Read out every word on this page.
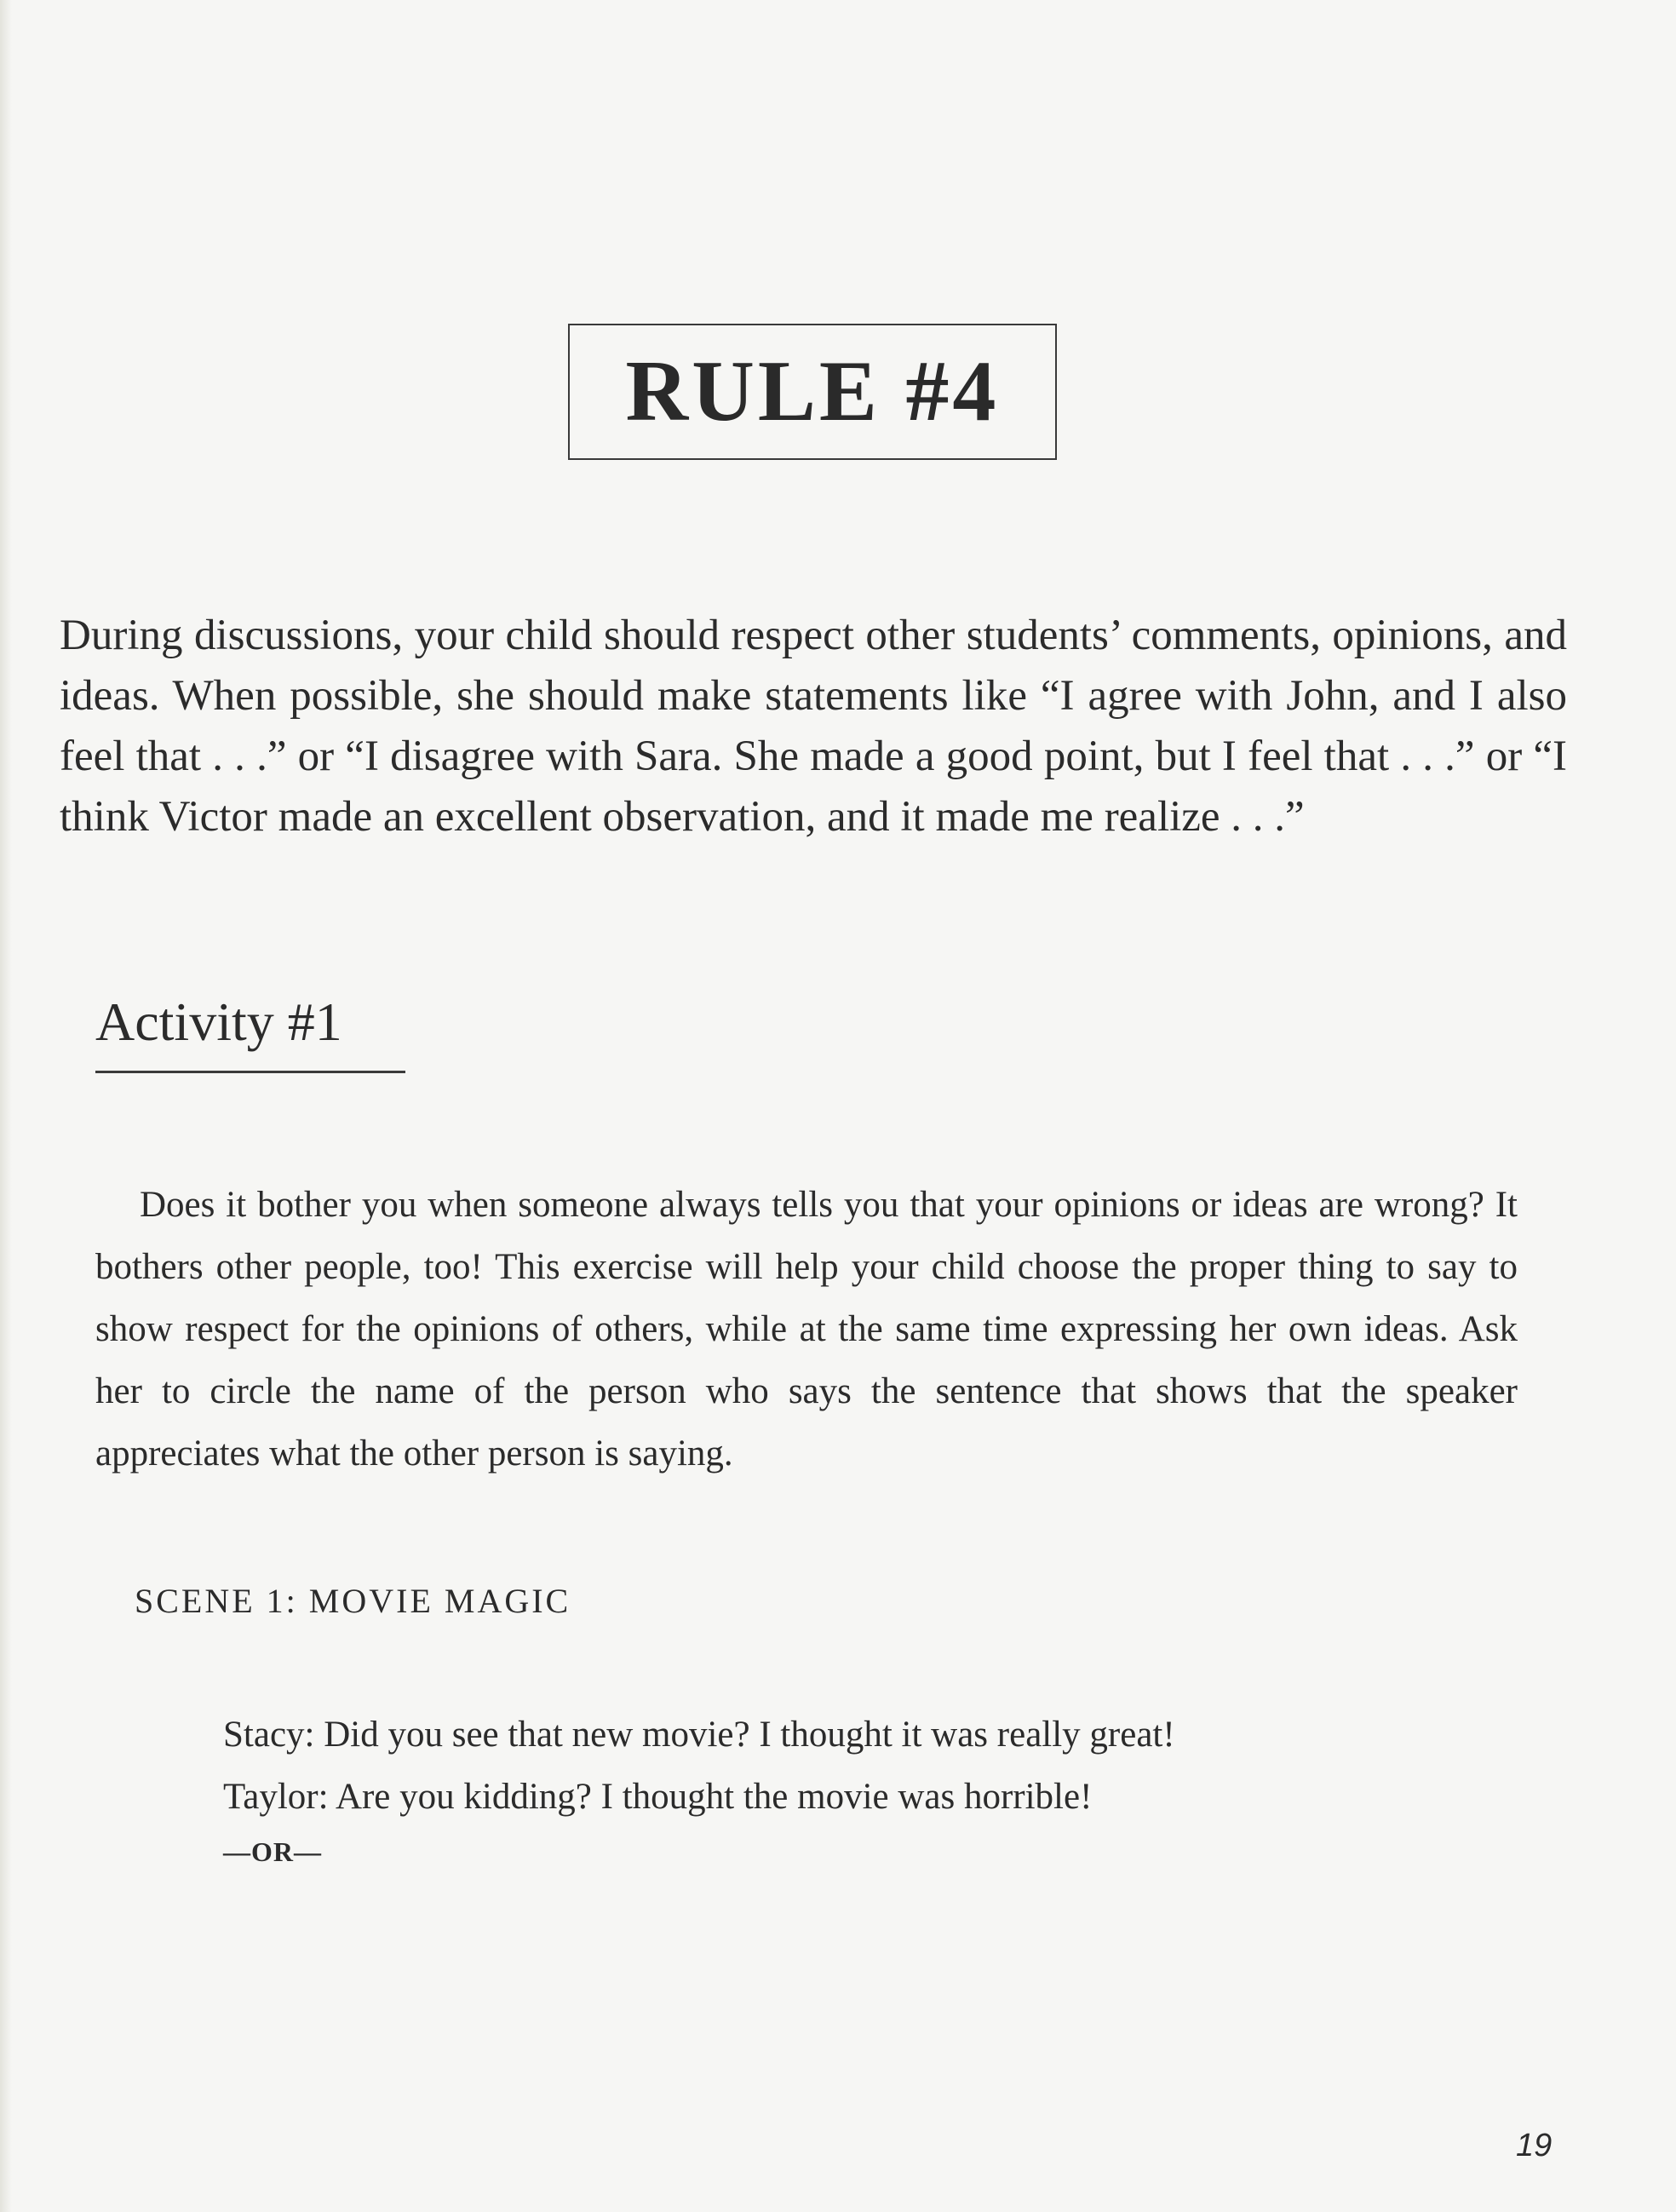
RULE #4

During discussions, your child should respect other students’ comments, opinions, and ideas. When possible, she should make statements like “I agree with John, and I also feel that . . .” or “I disagree with Sara. She made a good point, but I feel that . . .” or “I think Victor made an excellent observation, and it made me realize . . .”

Activity #1

Does it bother you when someone always tells you that your opinions or ideas are wrong? It bothers other people, too! This exercise will help your child choose the proper thing to say to show respect for the opinions of others, while at the same time expressing her own ideas. Ask her to circle the name of the person who says the sentence that shows that the speaker appreciates what the other person is saying.

SCENE 1: MOVIE MAGIC
Stacy: Did you see that new movie? I thought it was really great!
Taylor: Are you kidding? I thought the movie was horrible!
—OR—
19
